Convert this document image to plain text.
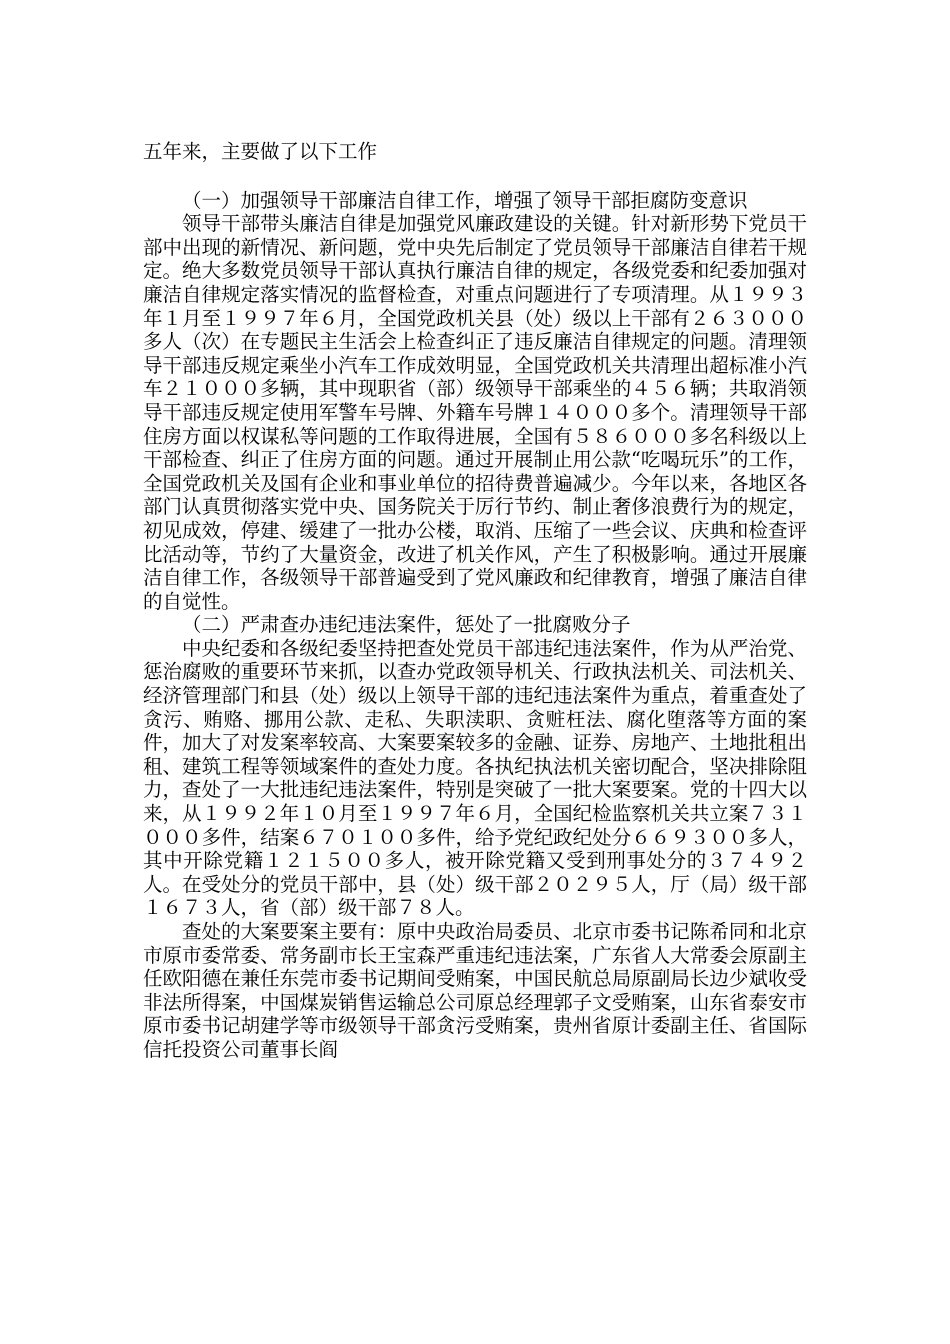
五年来，主要做了以下工作

（一）加强领导干部廉洁自律工作，增强了领导干部拒腐防变意识

领导干部带头廉洁自律是加强党风廉政建设的关键。针对新形势下党员干部中出现的新情况、新问题，党中央先后制定了党员领导干部廉洁自律若干规定。绝大多数党员领导干部认真执行廉洁自律的规定，各级党委和纪委加强对廉洁自律规定落实情况的监督检查，对重点问题进行了专项清理。从１９９３年１月至１９９７年６月，全国党政机关县（处）级以上干部有２６３０００多人（次）在专题民主生活会上检查纠正了违反廉洁自律规定的问题。清理领导干部违反规定乘坐小汽车工作成效明显，全国党政机关共清理出超标准小汽车２１０００多辆，其中现职省（部）级领导干部乘坐的４５６辆；共取消领导干部违反规定使用军警车号牌、外籍车号牌１４０００多个。清理领导干部住房方面以权谋私等问题的工作取得进展，全国有５８６０００多名科级以上干部检查、纠正了住房方面的问题。通过开展制止用公款“吃喝玩乐”的工作，全国党政机关及国有企业和事业单位的招待费普遍减少。今年以来，各地区各部门认真贯彻落实党中央、国务院关于厉行节约、制止奢侈浪费行为的规定，初见成效，停建、缓建了一批办公楼，取消、压缩了一些会议、庆典和检查评比活动等，节约了大量资金，改进了机关作风，产生了积极影响。通过开展廉洁自律工作，各级领导干部普遍受到了党风廉政和纪律教育，增强了廉洁自律的自觉性。

（二）严肃查办违纪违法案件，惩处了一批腐败分子

中央纪委和各级纪委坚持把查处党员干部违纪违法案件，作为从严治党、惩治腐败的重要环节来抓，以查办党政领导机关、行政执法机关、司法机关、经济管理部门和县（处）级以上领导干部的违纪违法案件为重点，着重查处了贪污、贿赂、挪用公款、走私、失职渎职、贪赃枉法、腐化堕落等方面的案件，加大了对发案率较高、大案要案较多的金融、证券、房地产、土地批租出租、建筑工程等领域案件的查处力度。各执纪执法机关密切配合，坚决排除阻力，查处了一大批违纪违法案件，特别是突破了一批大案要案。党的十四大以来，从１９９２年１０月至１９９７年６月，全国纪检监察机关共立案７３１０００多件，结案６７０１００多件，给予党纪政纪处分６６９３００多人，其中开除党籍１２１５００多人，被开除党籍又受到刑事处分的３７４９２人。在受处分的党员干部中，县（处）级干部２０２９５人，厅（局）级干部１６７３人，省（部）级干部７８人。

查处的大案要案主要有：原中央政治局委员、北京市委书记陈希同和北京市原市委常委、常务副市长王宝森严重违纪违法案，广东省人大常委会原副主任欧阳德在兼任东莞市委书记期间受贿案，中国民航总局原副局长边少斌收受非法所得案，中国煤炭销售运输总公司原总经理郭子文受贿案，山东省泰安市原市委书记胡建学等市级领导干部贪污受贿案，贵州省原计委副主任、省国际信托投资公司董事长阎
